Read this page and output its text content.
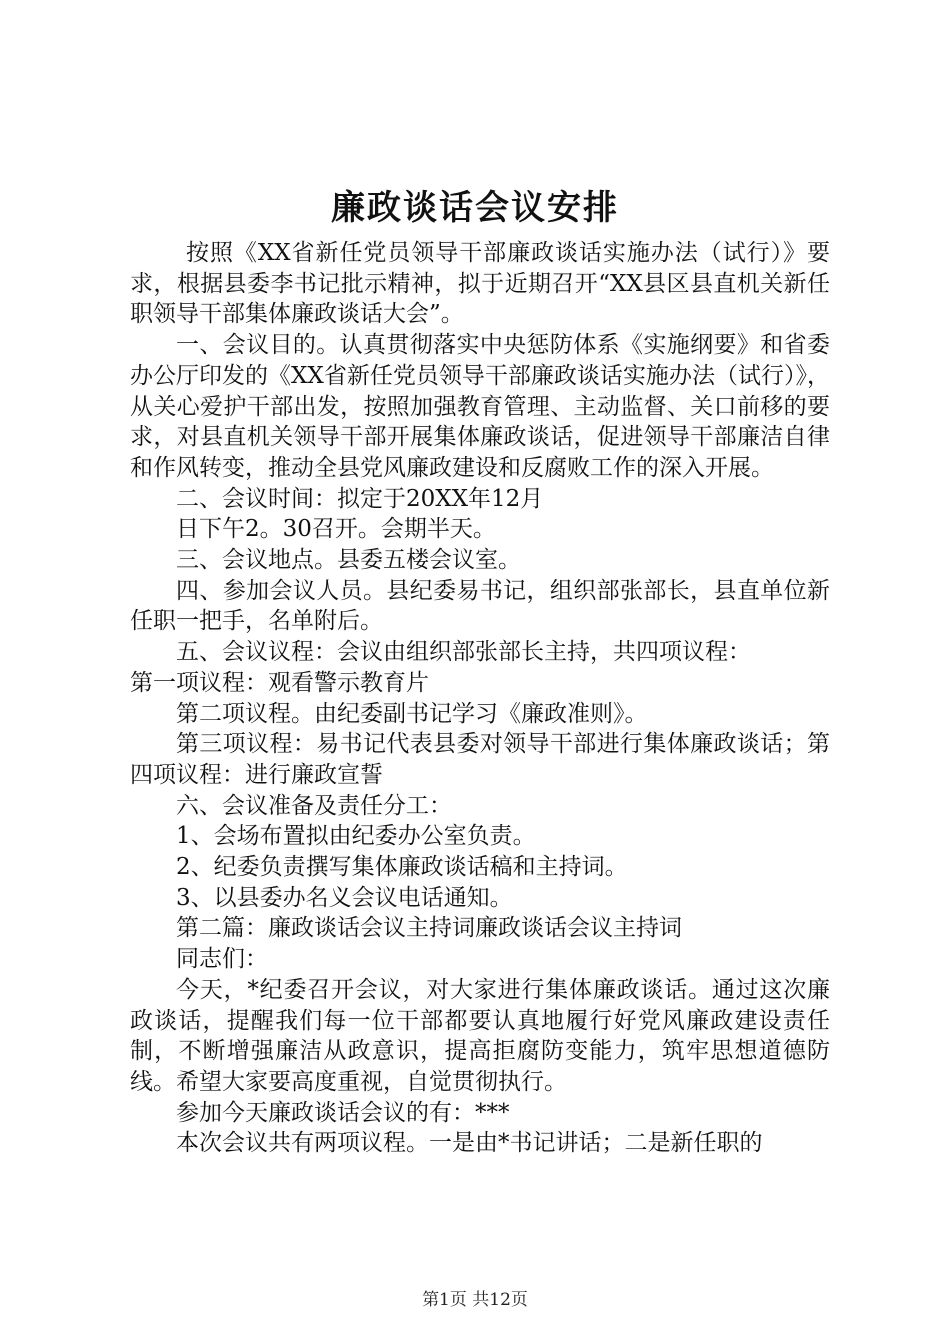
廉政谈话会议安排

按照《XX省新任党员领导干部廉政谈话实施办法（试行）》要求，根据县委李书记批示精神，拟于近期召开“XX县区县直机关新任职领导干部集体廉政谈话大会”。

一、会议目的。认真贯彻落实中央惩防体系《实施纲要》和省委办公厅印发的《XX省新任党员领导干部廉政谈话实施办法（试行）》，从关心爱护干部出发，按照加强教育管理、主动监督、关口前移的要求，对县直机关领导干部开展集体廉政谈话，促进领导干部廉洁自律和作风转变，推动全县党风廉政建设和反腐败工作的深入开展。

二、会议时间：拟定于20XX年12月

日下午2。30召开。会期半天。

三、会议地点。县委五楼会议室。

四、参加会议人员。县纪委易书记，组织部张部长，县直单位新任职一把手，名单附后。

五、会议议程：会议由组织部张部长主持，共四项议程：

第一项议程：观看警示教育片

第二项议程。由纪委副书记学习《廉政准则》。

第三项议程：易书记代表县委对领导干部进行集体廉政谈话；第四项议程：进行廉政宣誓

六、会议准备及责任分工：

1、会场布置拟由纪委办公室负责。

2、纪委负责撰写集体廉政谈话稿和主持词。

3、以县委办名义会议电话通知。

第二篇：廉政谈话会议主持词廉政谈话会议主持词

同志们：

今天，*纪委召开会议，对大家进行集体廉政谈话。通过这次廉政谈话，提醒我们每一位干部都要认真地履行好党风廉政建设责任制，不断增强廉洁从政意识，提高拒腐防变能力，筑牢思想道德防线。希望大家要高度重视，自觉贯彻执行。

参加今天廉政谈话会议的有：***

本次会议共有两项议程。一是由*书记讲话；二是新任职的

第1页 共12页
